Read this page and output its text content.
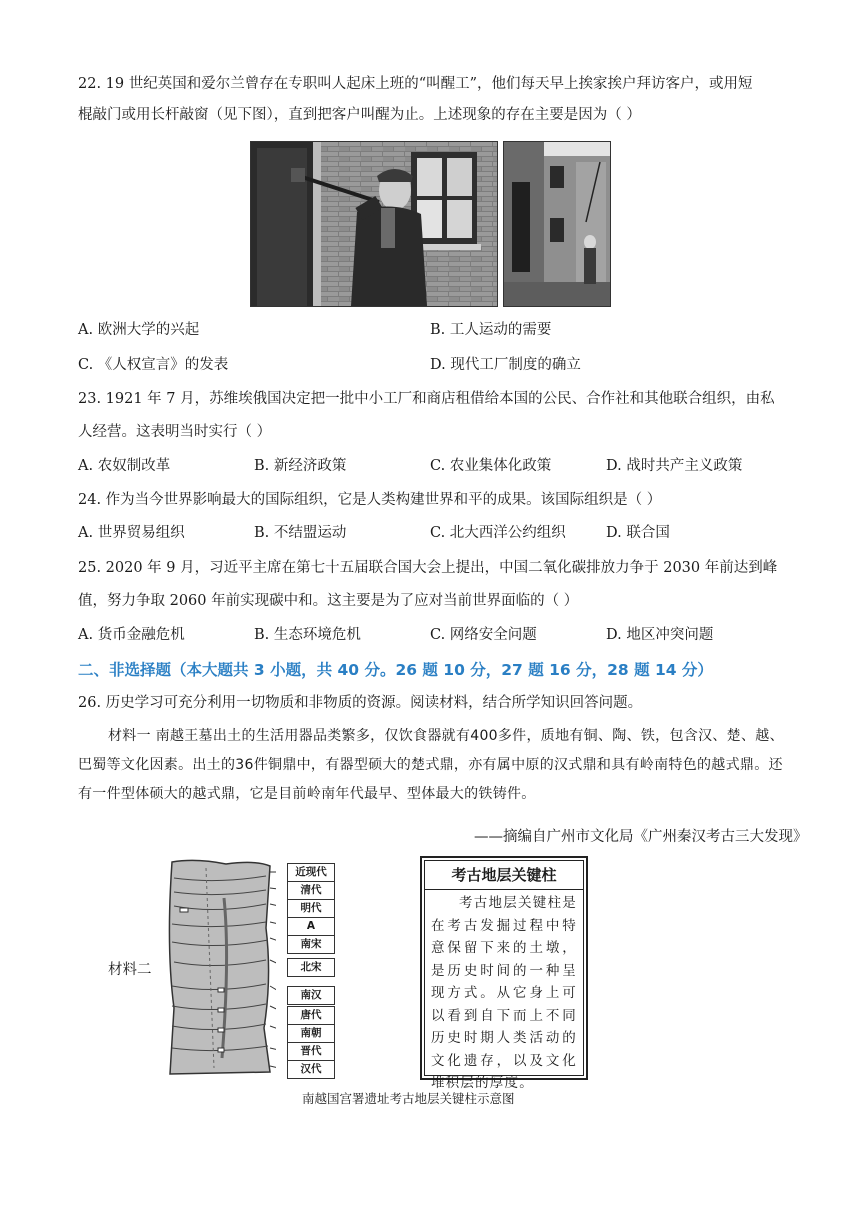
22. 19 世纪英国和爱尔兰曾存在专职叫人起床上班的“叫醒工”，他们每天早上挨家挨户拜访客户，或用短
棍敲门或用长杆敲窗（见下图），直到把客户叫醒为止。上述现象的存在主要是因为（ ）
A. 欧洲大学的兴起	B. 工人运动的需要
C. 《人权宣言》的发表	D. 现代工厂制度的确立
23. 1921 年 7 月，苏维埃俄国决定把一批中小工厂和商店租借给本国的公民、合作社和其他联合组织，由私
人经营。这表明当时实行（ ）
A. 农奴制改革	B. 新经济政策	C. 农业集体化政策	D. 战时共产主义政策
24. 作为当今世界影响最大的国际组织，它是人类构建世界和平的成果。该国际组织是（ ）
A. 世界贸易组织	B. 不结盟运动	C. 北大西洋公约组织	D. 联合国
25. 2020 年 9 月，习近平主席在第七十五届联合国大会上提出，中国二氧化碳排放力争于 2030 年前达到峰
值，努力争取 2060 年前实现碳中和。这主要是为了应对当前世界面临的（ ）
A. 货币金融危机	B. 生态环境危机	C. 网络安全问题	D. 地区冲突问题
二、非选择题（本大题共 3 小题，共 40 分。26 题 10 分，27 题 16 分，28 题 14 分）
26. 历史学习可充分利用一切物质和非物质的资源。阅读材料，结合所学知识回答问题。
材料一 南越王墓出土的生活用器品类繁多，仅饮食器就有400多件，质地有铜、陶、铁，包含汉、楚、越、巴蜀等文化因素。出土的36件铜鼎中，有器型硕大的楚式鼎，亦有属中原的汉式鼎和具有岭南特色的越式鼎。还有一件型体硕大的越式鼎，它是目前岭南年代最早、型体最大的铁铸件。
——摘编自广州市文化局《广州秦汉考古三大发现》
材料二
近现代
清代
明代
A
南宋
北宋
南汉
唐代
南朝
晋代
汉代
考古地层关键柱
考古地层关键柱是在考古发掘过程中特意保留下来的土墩，是历史时间的一种呈现方式。从它身上可以看到自下而上不同历史时期人类活动的文化遗存，以及文化堆积层的厚度。
南越国宫署遗址考古地层关键柱示意图
